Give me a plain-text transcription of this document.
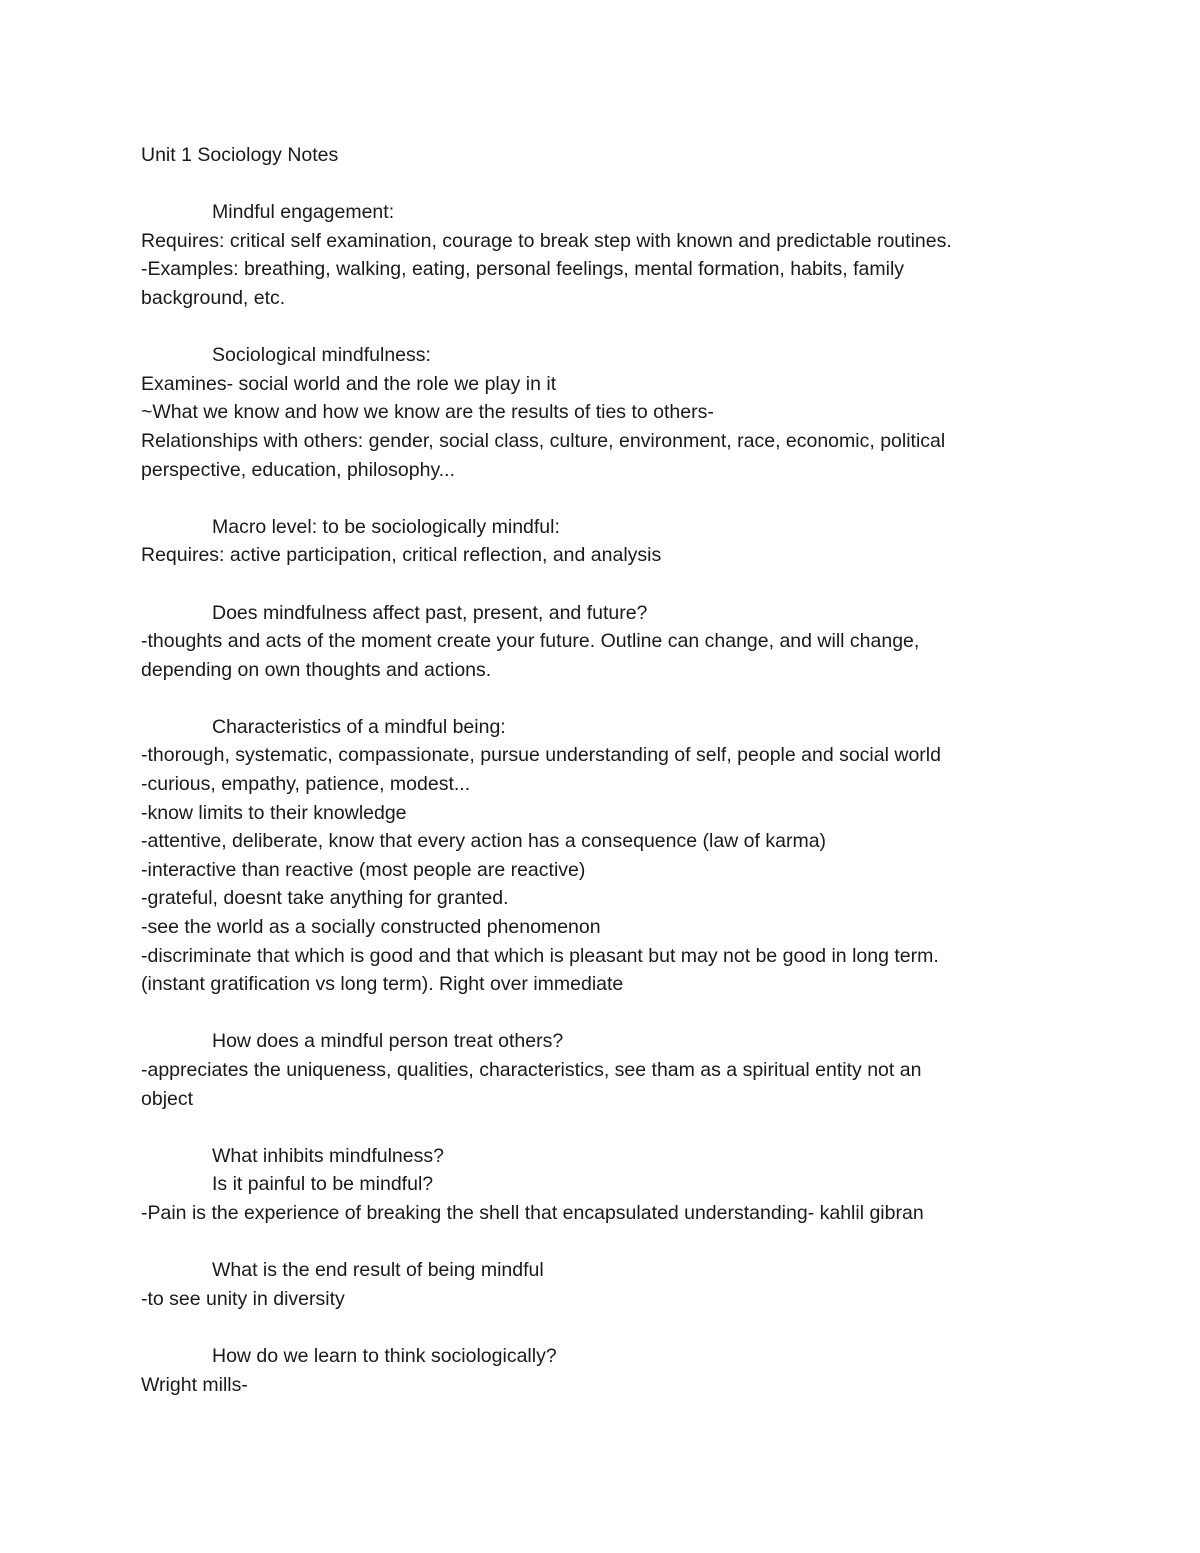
Unit 1 Sociology Notes

Mindful engagement:

Requires: critical self examination, courage to break step with known and predictable routines.

-Examples: breathing, walking, eating, personal feelings, mental formation, habits, family

background, etc.

Sociological mindfulness:

Examines- social world and the role we play in it

~What we know and how we know are the results of ties to others-

Relationships with others: gender, social class, culture, environment, race, economic, political

perspective, education, philosophy...

Macro level: to be sociologically mindful:

Requires: active participation, critical reflection, and analysis

Does mindfulness affect past, present, and future?

-thoughts and acts of the moment create your future. Outline can change, and will change,

depending on own thoughts and actions.

Characteristics of a mindful being:

-thorough, systematic, compassionate, pursue understanding of self, people and social world

-curious, empathy, patience, modest...

-know limits to their knowledge

-attentive, deliberate, know that every action has a consequence (law of karma)

-interactive than reactive (most people are reactive)

-grateful, doesnt take anything for granted.

-see the world as a socially constructed phenomenon

-discriminate that which is good and that which is pleasant but may not be good in long term.

(instant gratification vs long term). Right over immediate

How does a mindful person treat others?

-appreciates the uniqueness, qualities, characteristics, see tham as a spiritual entity not an

object

What inhibits mindfulness?

Is it painful to be mindful?

-Pain is the experience of breaking the shell that encapsulated understanding- kahlil gibran

What is the end result of being mindful

-to see unity in diversity

How do we learn to think sociologically?

Wright mills-
